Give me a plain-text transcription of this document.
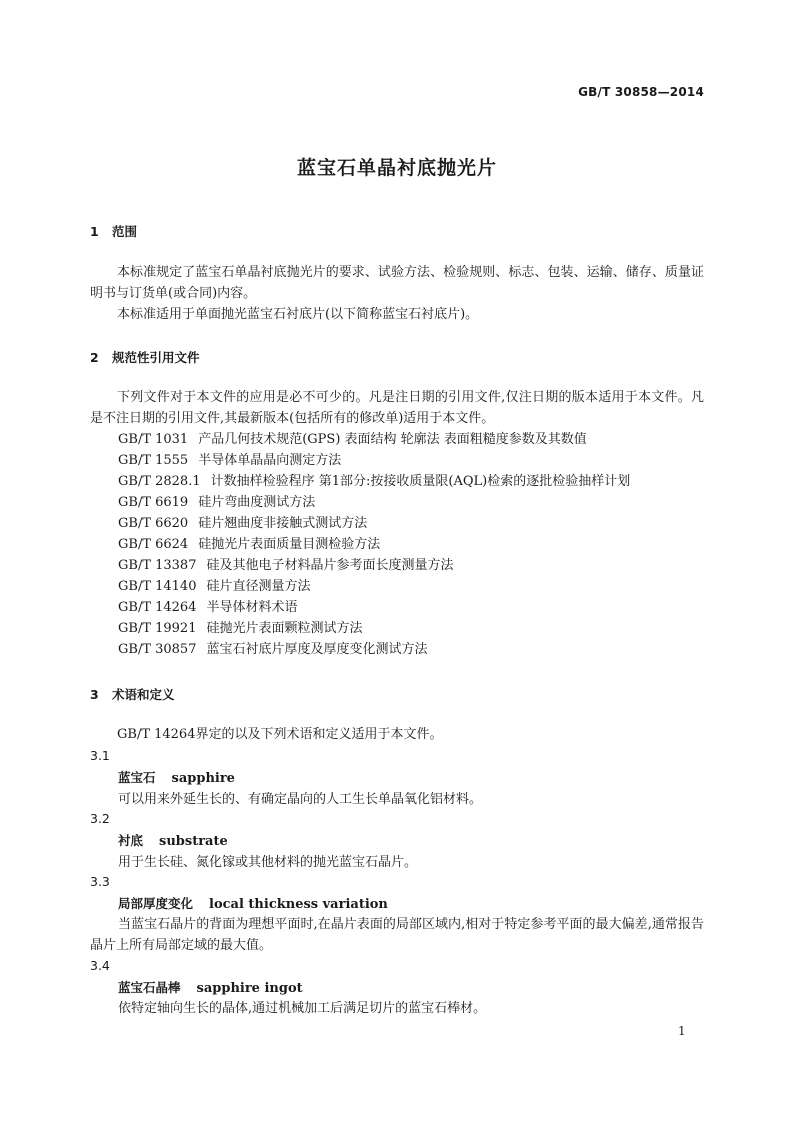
GB/T 30858—2014
蓝宝石单晶衬底抛光片
1 范围

本标准规定了蓝宝石单晶衬底抛光片的要求、试验方法、检验规则、标志、包装、运输、储存、质量证明书与订货单(或合同)内容。

本标准适用于单面抛光蓝宝石衬底片(以下简称蓝宝石衬底片)。

2 规范性引用文件

下列文件对于本文件的应用是必不可少的。凡是注日期的引用文件,仅注日期的版本适用于本文件。凡是不注日期的引用文件,其最新版本(包括所有的修改单)适用于本文件。

GB/T 1031 产品几何技术规范(GPS) 表面结构 轮廓法 表面粗糙度参数及其数值
GB/T 1555 半导体单晶晶向测定方法
GB/T 2828.1 计数抽样检验程序 第1部分:按接收质量限(AQL)检索的逐批检验抽样计划
GB/T 6619 硅片弯曲度测试方法
GB/T 6620 硅片翘曲度非接触式测试方法
GB/T 6624 硅抛光片表面质量目测检验方法
GB/T 13387 硅及其他电子材料晶片参考面长度测量方法
GB/T 14140 硅片直径测量方法
GB/T 14264 半导体材料术语
GB/T 19921 硅抛光片表面颗粒测试方法
GB/T 30857 蓝宝石衬底片厚度及厚度变化测试方法
3 术语和定义

GB/T 14264界定的以及下列术语和定义适用于本文件。

3.1
蓝宝石 sapphire

可以用来外延生长的、有确定晶向的人工生长单晶氧化铝材料。

3.2
衬底 substrate

用于生长硅、氮化镓或其他材料的抛光蓝宝石晶片。

3.3
局部厚度变化 local thickness variation

当蓝宝石晶片的背面为理想平面时,在晶片表面的局部区域内,相对于特定参考平面的最大偏差,通常报告晶片上所有局部定域的最大值。

3.4
蓝宝石晶棒 sapphire ingot

依特定轴向生长的晶体,通过机械加工后满足切片的蓝宝石棒材。

1
